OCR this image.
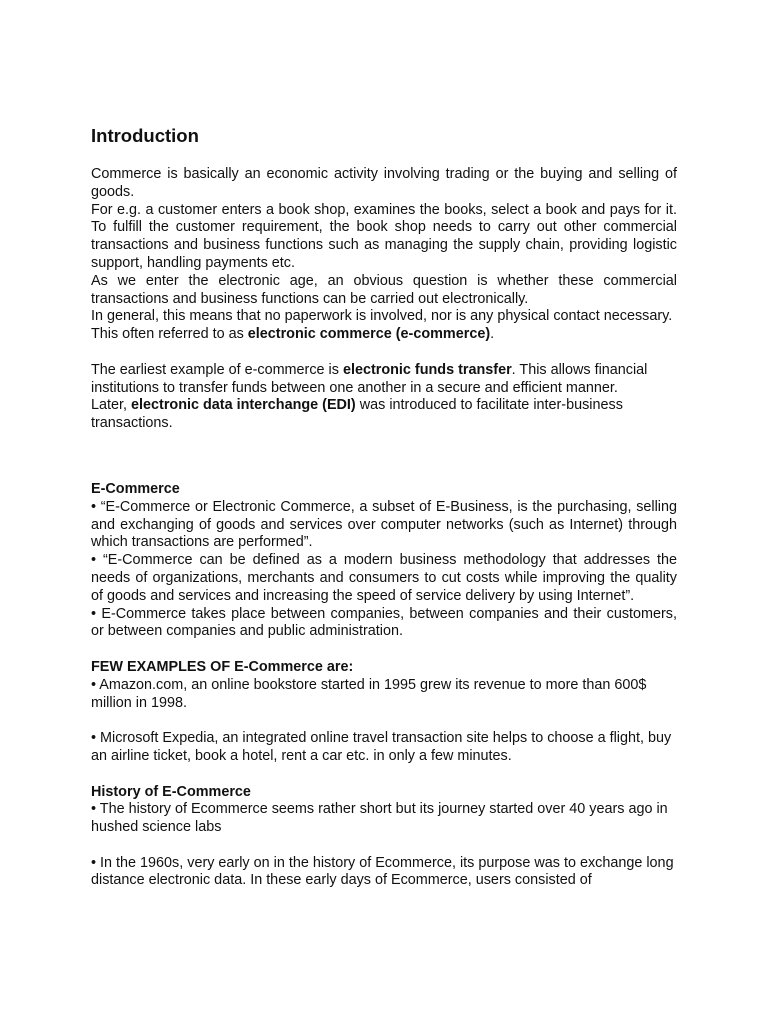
Introduction

Commerce is basically an economic activity involving trading or the buying and selling of goods.

For e.g. a customer enters a book shop, examines the books, select a book and pays for it. To fulfill the customer requirement, the book shop needs to carry out other commercial transactions and business functions such as managing the supply chain, providing logistic support, handling payments etc.

As we enter the electronic age, an obvious question is whether these commercial transactions and business functions can be carried out electronically.

In general, this means that no paperwork is involved, nor is any physical contact necessary.

This often referred to as electronic commerce (e-commerce).

The earliest example of e-commerce is electronic funds transfer. This allows financial institutions to transfer funds between one another in a secure and efficient manner.

Later, electronic data interchange (EDI) was introduced to facilitate inter-business transactions.

E-Commerce

• “E-Commerce or Electronic Commerce, a subset of E-Business, is the purchasing, selling and exchanging of goods and services over computer networks (such as Internet) through which transactions are performed”.

• “E-Commerce can be defined as a modern business methodology that addresses the needs of organizations, merchants and consumers to cut costs while improving the quality of goods and services and increasing the speed of service delivery by using Internet”.

• E-Commerce takes place between companies, between companies and their customers, or between companies and public administration.

FEW EXAMPLES OF E-Commerce are:

• Amazon.com, an online bookstore started in 1995 grew its revenue to more than 600$ million in 1998.

• Microsoft Expedia, an integrated online travel transaction site helps to choose a flight, buy an airline ticket, book a hotel, rent a car etc. in only a few minutes.

History of E-Commerce

• The history of Ecommerce seems rather short but its journey started over 40 years ago in hushed science labs

• In the 1960s, very early on in the history of Ecommerce, its purpose was to exchange long distance electronic data. In these early days of Ecommerce, users consisted of
